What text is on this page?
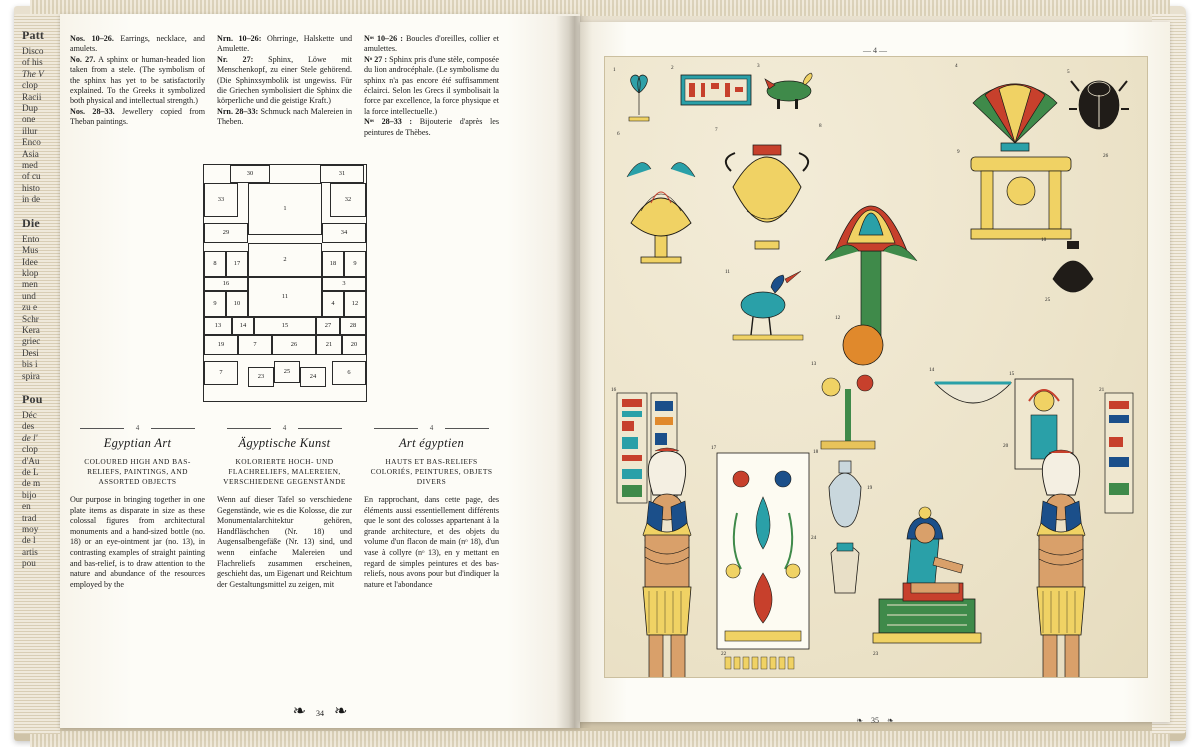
Patt
Disco
of his
The V
clop
Racii
Dup
one
illur
Enco
Asia
med
of cu
histo
in de
Die
Ento
Mus
Idee
klop
men
und
zu e
Schr
Kera
griec
Desi
bis i
spira
Pou
Déc
des
de l'
clop
d'Au
de L
de m
bijo
en
trad
moy
de l
artis
pou
Nos. 10–26. Earrings, necklace, and amulets.
No. 27. A sphinx or human-headed lion taken from a stele. (The symbolism of the sphinx has yet to be satisfactorily explained. To the Greeks it symbolized both physical and intellectual strength.)
Nos. 28–33. Jewellery copied from Theban paintings.
Nrn. 10–26: Ohrringe, Halskette und Amulette.
Nr. 27: Sphinx, Löwe mit Menschenkopf, zu einer Stele gehörend. (Die Sphinxsymbolik ist ungewiss. Für die Griechen symbolisiert die Sphinx die körperliche und die geistige Kraft.)
Nrn. 28–33: Schmuck nach Malereien in Theben.
Nᵒˢ 10–26 : Boucles d'oreilles, collier et amulettes.
Nᵒ 27 : Sphinx pris d'une stèle, composée du lion androcéphale. (Le symbolisme du sphinx n'a pas encore été suffisamment éclairci. Selon les Grecs il symbolisait la force par excellence, la force physique et la force intellectuelle.)
Nᵒˢ 28–33 : Bijouterie d'après les peintures de Thèbes.
30	31
33
1
32
29	34
8	17
2
18	9
16	3
9	10
11
4	12
13	14	15	27	28
19	7	26	21	20
7
23
25
24
6
4
Egyptian Art
COLOURED HIGH AND BAS-RELIEFS, PAINTINGS, AND ASSORTED OBJECTS
Our purpose in bringing together in one plate items as disparate in size as these colossal figures from architectural monuments and a hand-sized bottle (no. 18) or an eye-ointment jar (no. 13), in contrasting examples of straight painting and bas-relief, is to draw attention to the nature and abundance of the resources employed by the
4
Ägyptische Kunst
KOLORIERTE HOCH- UND FLACHRELIEFS, MALEREIEN, VERSCHIEDENE GEGENSTÄNDE
Wenn auf dieser Tafel so verschiedene Gegenstände, wie es die Kolosse, die zur Monumentalarchitektur gehören, Handfläschchen (Nr. 18) und Augensalbengefäße (Nr. 13) sind, und wenn einfache Malereien und Flachreliefs zusammen erscheinen, geschieht das, um Eigenart und Reichtum der Gestaltungsmittel zu zeigen, mit
4
Art égyptien
HAUTS ET BAS-RELIEFS COLORIÉS, PEINTURES, OBJETS DIVERS
En rapprochant, dans cette page, des éléments aussi essentiellement différents que le sont des colosses appartenant à la grande architecture, et des objets du volume d'un flacon de main (nᵒ 18), d'un vase à collyre (nᵒ 13), en y mettant en regard de simples peintures et des bas-reliefs, nous avons pour but d'indiquer la nature et l'abondance
❧ 34 ❧
— 4 —
1	2	3	4
5
6
7
8
9
10
11
12
13
14
15
16
17
18
19
20
21
22	23
24
25
26
❧ 35 ❧
